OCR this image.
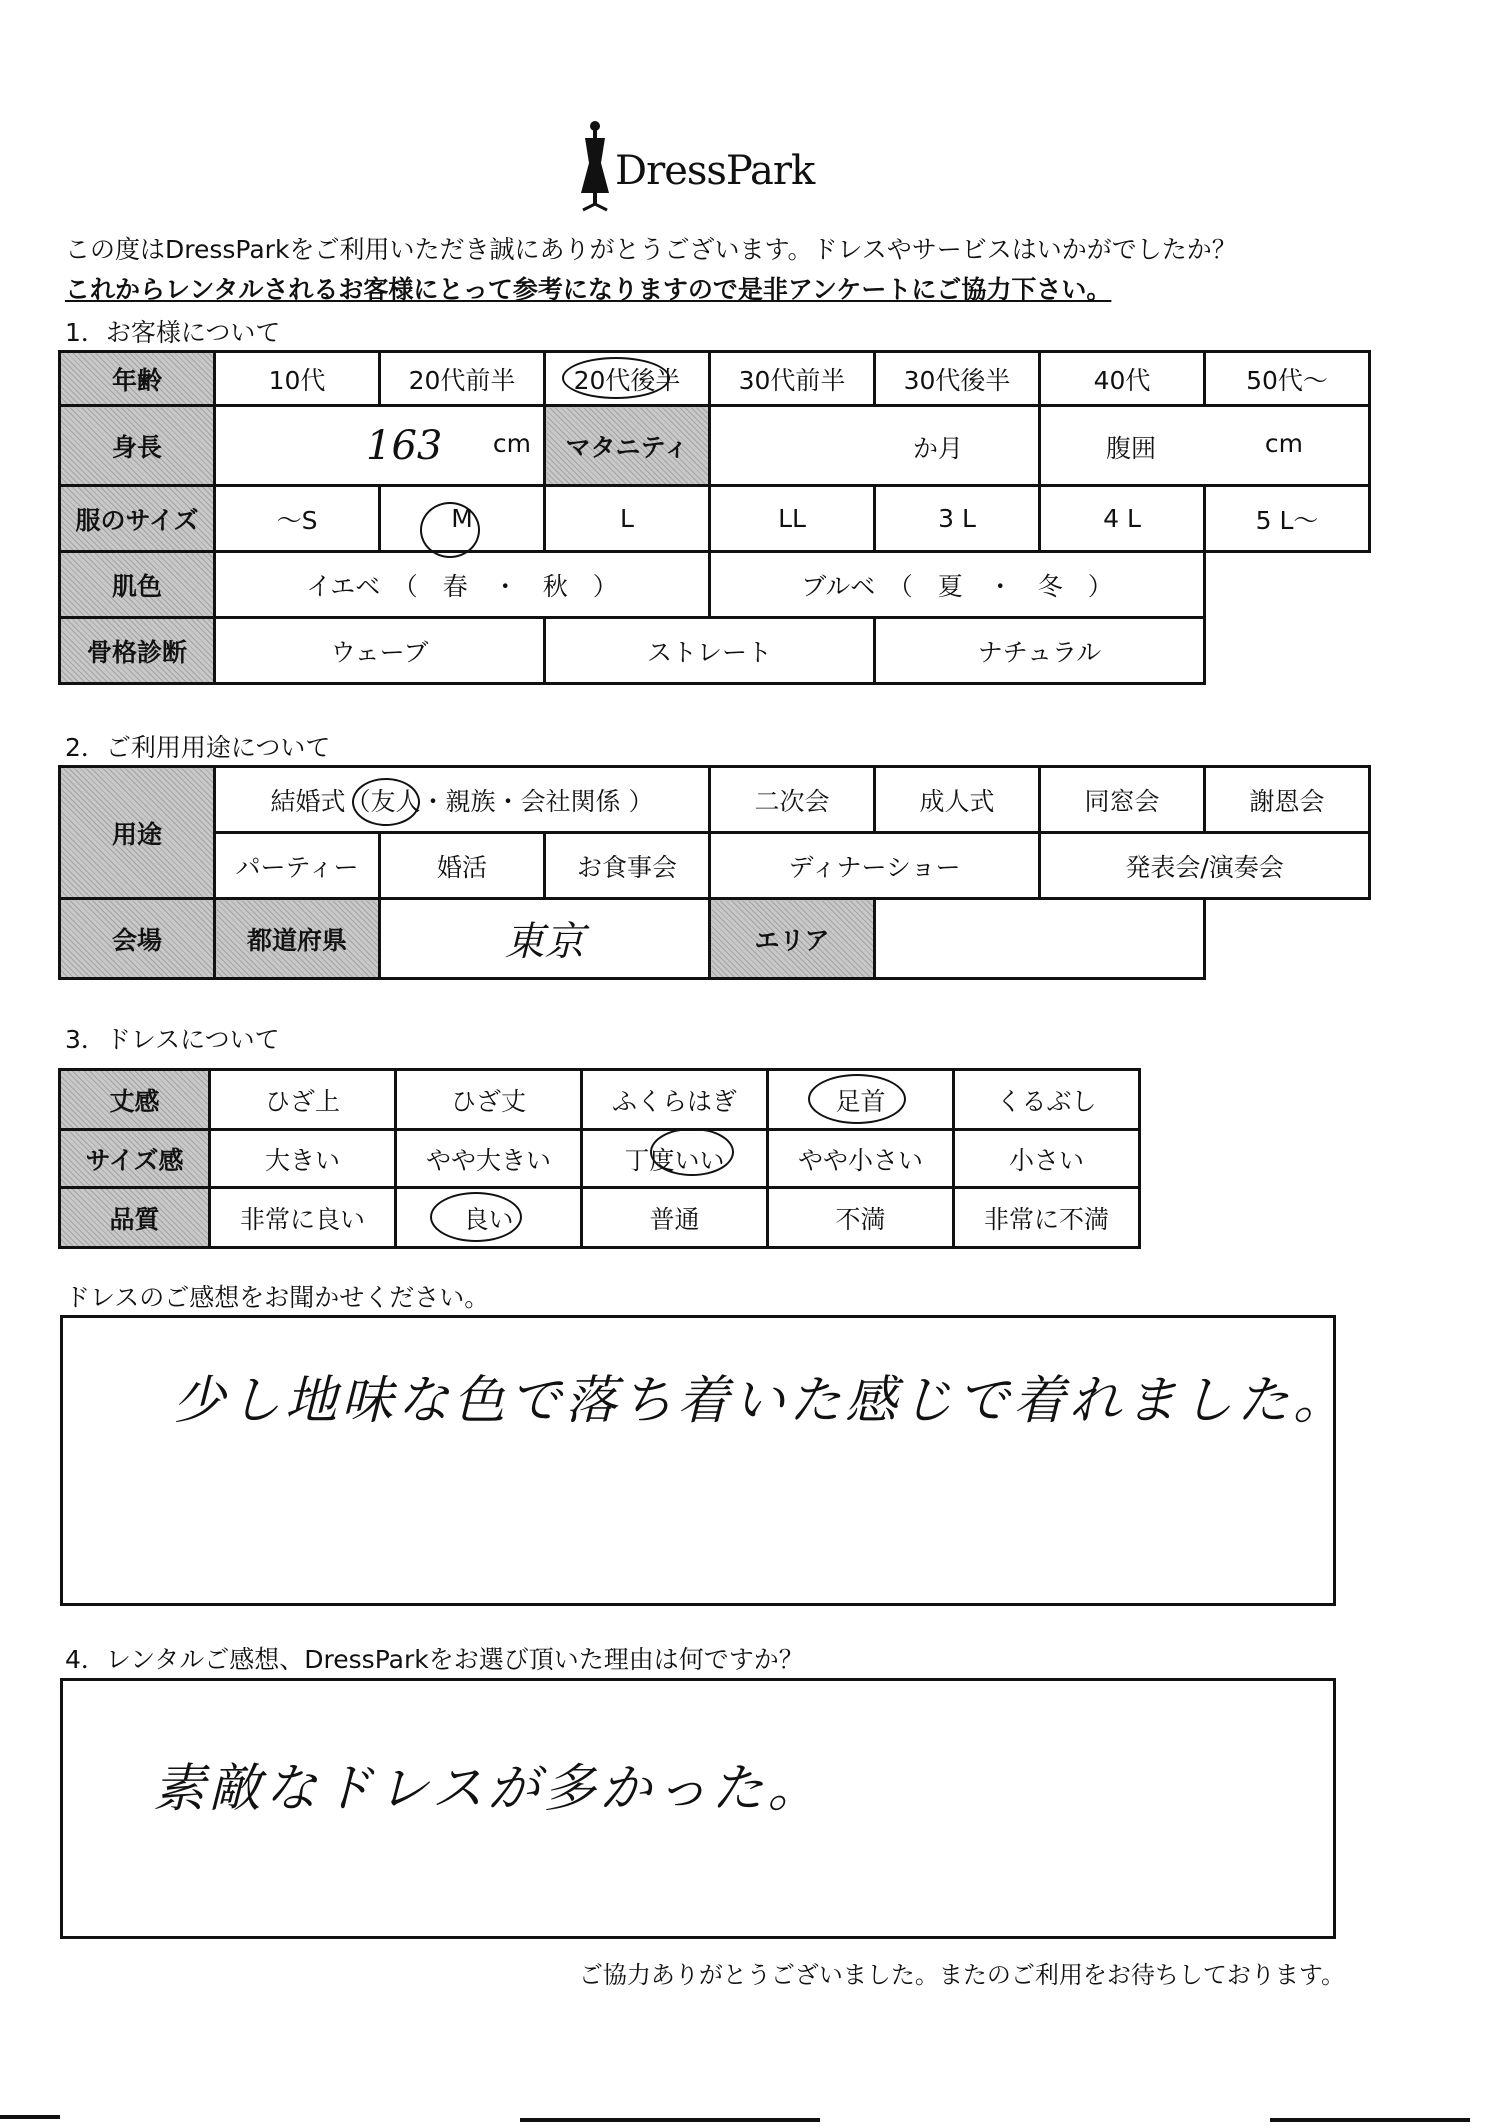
DressPark
この度はDressParkをご利用いただき誠にありがとうございます。ドレスやサービスはいかがでしたか？
これからレンタルされるお客様にとって参考になりますので是非アンケートにご協力下さい。
1．お客様について
年齢	10代	20代前半	20代後半	30代前半	30代後半	40代	50代〜
身長	163 cm		マタニティ	か月		腹囲 cm	

服のサイズ	〜S	M	L	LL	3 L	4 L	5 L〜
肌色	イエベ　（　春　・　秋　）			ブルベ　（　夏　・　冬　）			
骨格診断	ウェーブ		ストレート		ナチュラル		
2．ご利用用途について
用途	結婚式（友人・親族・会社関係 ）			二次会	成人式	同窓会	謝恩会
	パーティー	婚活	お食事会	ディナーショー		発表会/演奏会	
会場	都道府県	東京		エリア			
3．ドレスについて
丈感	ひざ上	ひざ丈	ふくらはぎ	足首	くるぶし
サイズ感	大きい	やや大きい	丁度いい	やや小さい	小さい
品質	非常に良い	良い	普通	不満	非常に不満
ドレスのご感想をお聞かせください。
少し地味な色で落ち着いた感じで着れました。
4．レンタルご感想、DressParkをお選び頂いた理由は何ですか？
素敵なドレスが多かった。
ご協力ありがとうございました。またのご利用をお待ちしております。
